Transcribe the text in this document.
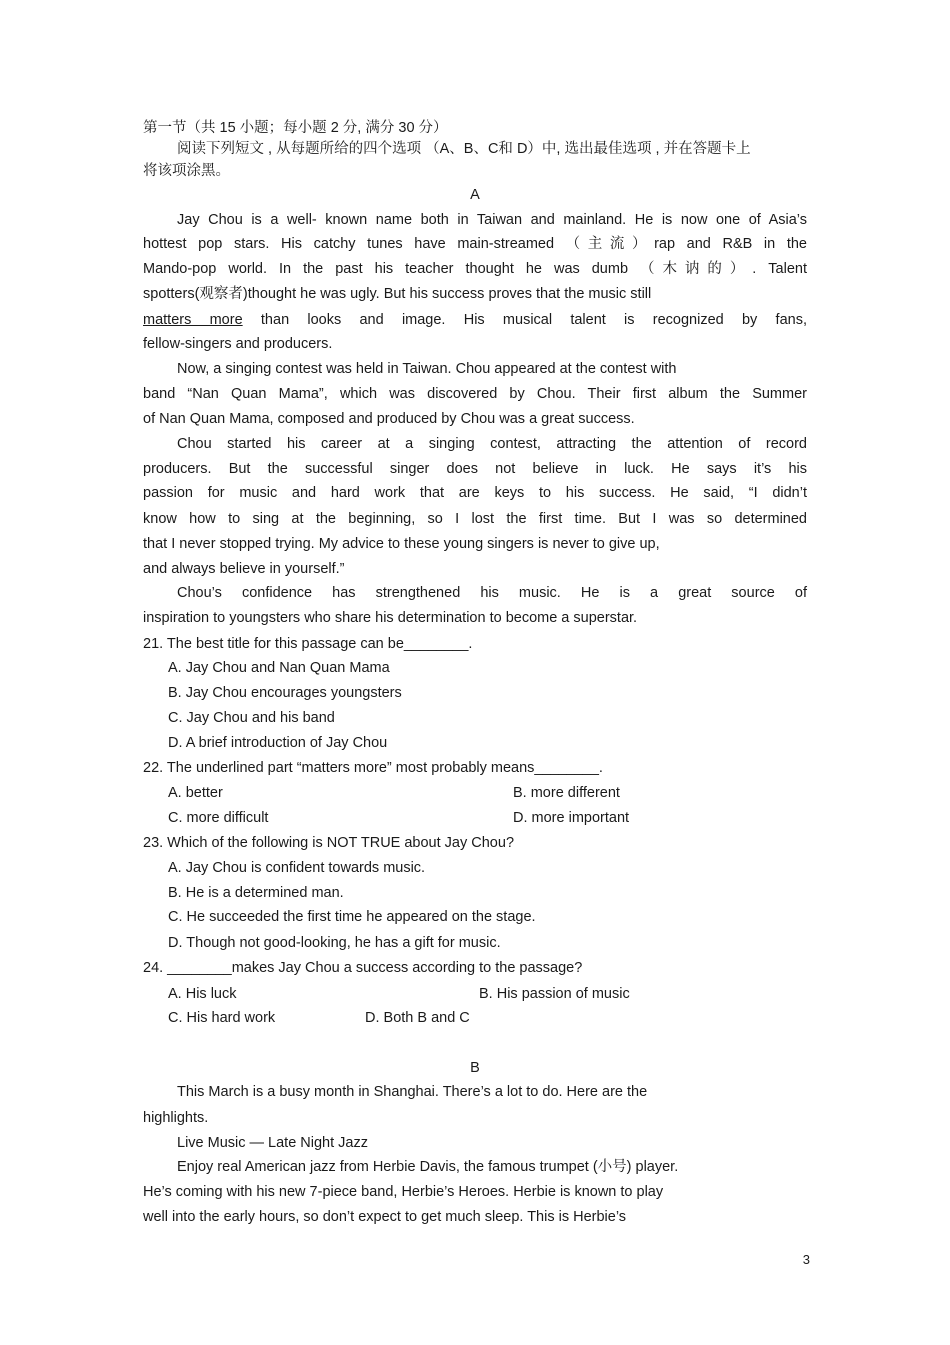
第一节（共 15 小题；每小题 2 分, 满分 30 分）
阅读下列短文 , 从每题所给的四个选项 （A、B、C和 D）中, 选出最佳选项 , 并在答题卡上
将该项涂黑。
A
Jay Chou is a well- known name both in Taiwan and mainland. He is now one of Asia’s
hottest pop stars. His catchy tunes have main-streamed （主流）rap and R&B in the
Mando-pop world. In the past his teacher thought he was dumb （木讷的）. Talent
spotters(观察者)thought he was ugly. But his success proves that the music still
matters more than looks and image. His musical talent is recognized by fans,
fellow-singers and producers.
Now, a singing contest was held in Taiwan. Chou appeared at the contest with
band “Nan Quan Mama”, which was discovered by Chou. Their first album the Summer
of Nan Quan Mama, composed and produced by Chou was a great success.
Chou started his career at a singing contest, attracting the attention of record
producers. But the successful singer does not believe in luck. He says it’s his
passion for music and hard work that are keys to his success. He said, “I didn’t
know how to sing at the beginning, so I lost the first time. But I was so determined
that I never stopped trying. My advice to these young singers is never to give up,
and always believe in yourself.”
Chou’s confidence has strengthened his music. He is a great source of
inspiration to youngsters who share his determination to become a superstar.
21. The best title for this passage can be________.
A. Jay Chou and Nan Quan Mama
B. Jay Chou encourages youngsters
C. Jay Chou and his band
D. A brief introduction of Jay Chou
22. The underlined part “matters more” most probably means________.
A. better	B. more different
C. more difficult	D. more important
23. Which of the following is NOT TRUE about Jay Chou?
A. Jay Chou is confident towards music.
B. He is a determined man.
C. He succeeded the first time he appeared on the stage.
D. Though not good-looking, he has a gift for music.
24. ________makes Jay Chou a success according to the passage?
A. His luck	B. His passion of music
C. His hard work	D. Both B and C
B
This March is a busy month in Shanghai. There’s a lot to do. Here are the
highlights.
Live Music — Late Night Jazz
Enjoy real American jazz from Herbie Davis, the famous trumpet (小号) player.
He’s coming with his new 7-piece band, Herbie’s Heroes. Herbie is known to play
well into the early hours, so don’t expect to get much sleep. This is Herbie’s
3
